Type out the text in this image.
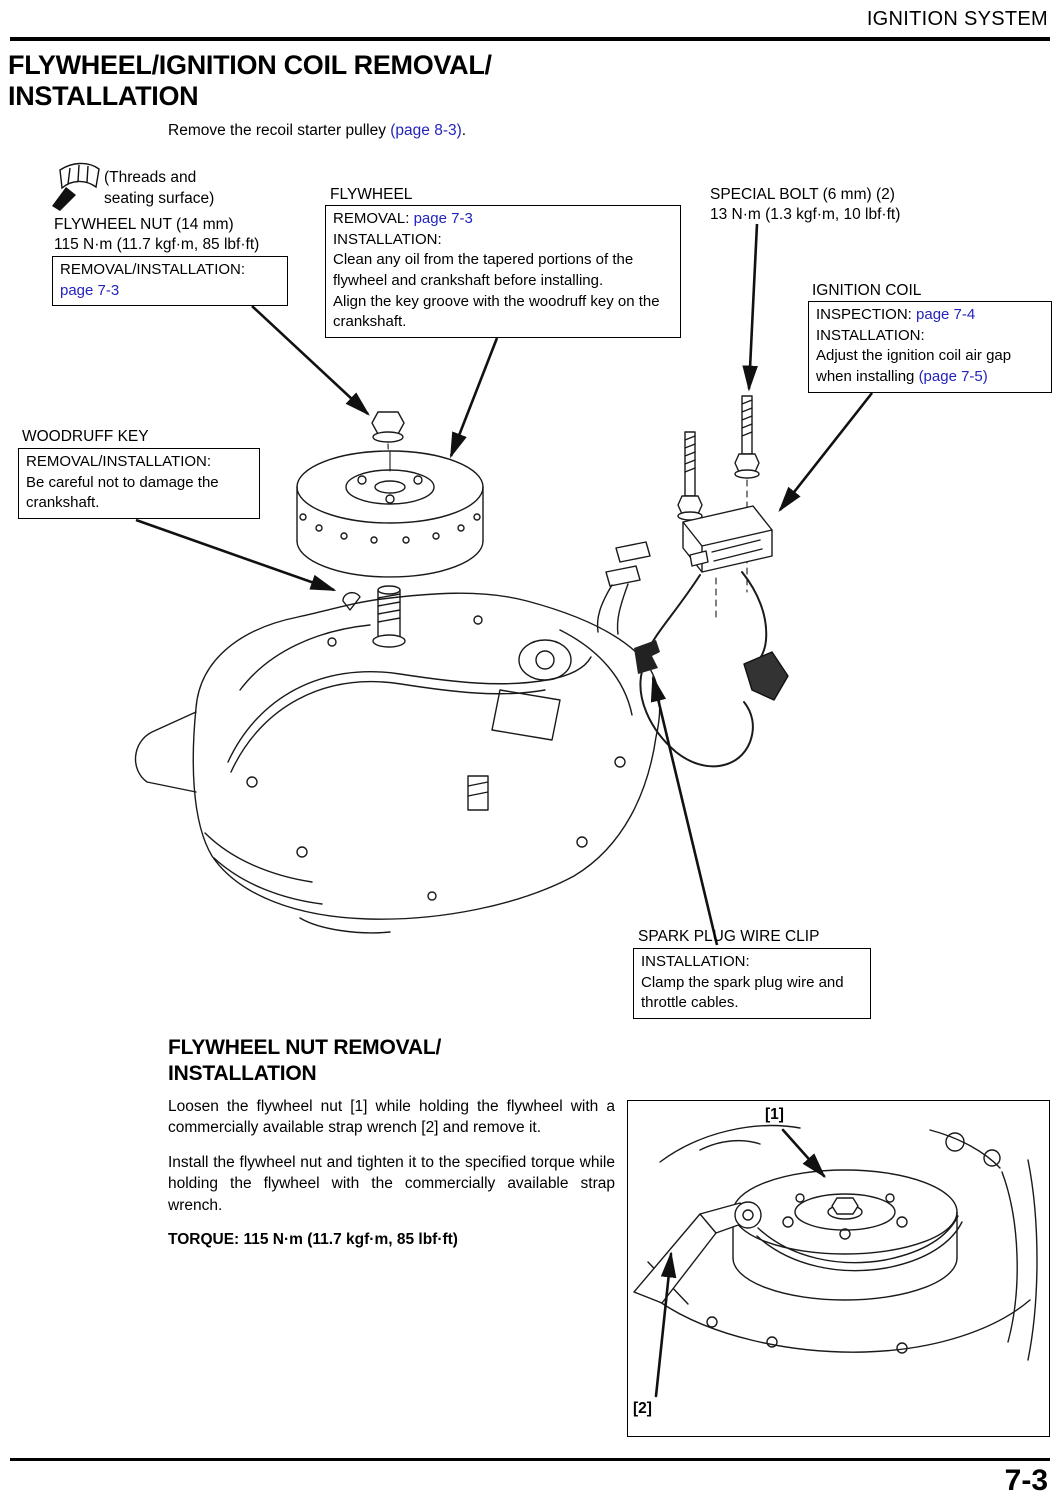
IGNITION SYSTEM
FLYWHEEL/IGNITION COIL REMOVAL/
INSTALLATION
Remove the recoil starter pulley (page 8-3).
(Threads and
seating surface)
FLYWHEEL NUT (14 mm)
115 N·m (11.7 kgf·m, 85 lbf·ft)
REMOVAL/INSTALLATION:
page 7-3
FLYWHEEL
REMOVAL: page 7-3
INSTALLATION:
Clean any oil from the tapered portions of the flywheel and crankshaft before installing.
Align the key groove with the woodruff key on the crankshaft.
SPECIAL BOLT (6 mm) (2)
13 N·m (1.3 kgf·m, 10 lbf·ft)
IGNITION COIL
INSPECTION: page 7-4
INSTALLATION:
Adjust the ignition coil air gap when installing (page 7-5)
WOODRUFF KEY
REMOVAL/INSTALLATION:
Be careful not to damage the crankshaft.
SPARK PLUG WIRE CLIP
INSTALLATION:
Clamp the spark plug wire and throttle cables.
FLYWHEEL NUT REMOVAL/
INSTALLATION

Loosen the flywheel nut [1] while holding the flywheel with a commercially available strap wrench [2] and remove it.

Install the flywheel nut and tighten it to the specified torque while holding the flywheel with the commercially available strap wrench.

TORQUE: 115 N·m (11.7 kgf·m, 85 lbf·ft)

[1]
[2]
7-3
